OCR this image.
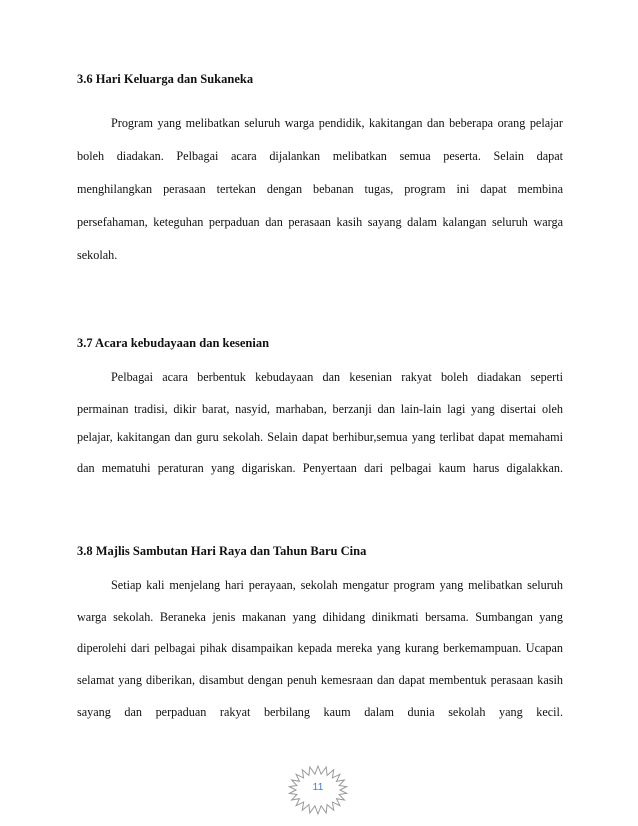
3.6 Hari Keluarga dan Sukaneka
Program yang melibatkan seluruh warga pendidik, kakitangan dan beberapa orang pelajar
boleh diadakan. Pelbagai acara dijalankan melibatkan semua peserta. Selain dapat
menghilangkan perasaan tertekan dengan bebanan tugas, program ini dapat membina
persefahaman, keteguhan perpaduan dan perasaan kasih sayang dalam kalangan seluruh warga
sekolah.
3.7 Acara kebudayaan dan kesenian
Pelbagai acara berbentuk kebudayaan dan kesenian rakyat boleh diadakan seperti
permainan tradisi, dikir barat, nasyid, marhaban, berzanji dan lain-lain lagi yang disertai oleh
pelajar, kakitangan dan guru sekolah. Selain dapat berhibur,semua yang terlibat dapat memahami
dan mematuhi peraturan yang digariskan. Penyertaan dari pelbagai kaum harus digalakkan.
3.8 Majlis Sambutan Hari Raya dan Tahun Baru Cina
Setiap kali menjelang hari perayaan, sekolah mengatur program yang melibatkan seluruh
warga sekolah. Beraneka jenis makanan yang dihidang dinikmati bersama. Sumbangan yang
diperolehi dari pelbagai pihak disampaikan kepada mereka yang kurang berkemampuan. Ucapan
selamat yang diberikan, disambut dengan penuh kemesraan dan dapat membentuk perasaan kasih
sayang dan perpaduan rakyat berbilang kaum dalam dunia sekolah yang kecil.
11
